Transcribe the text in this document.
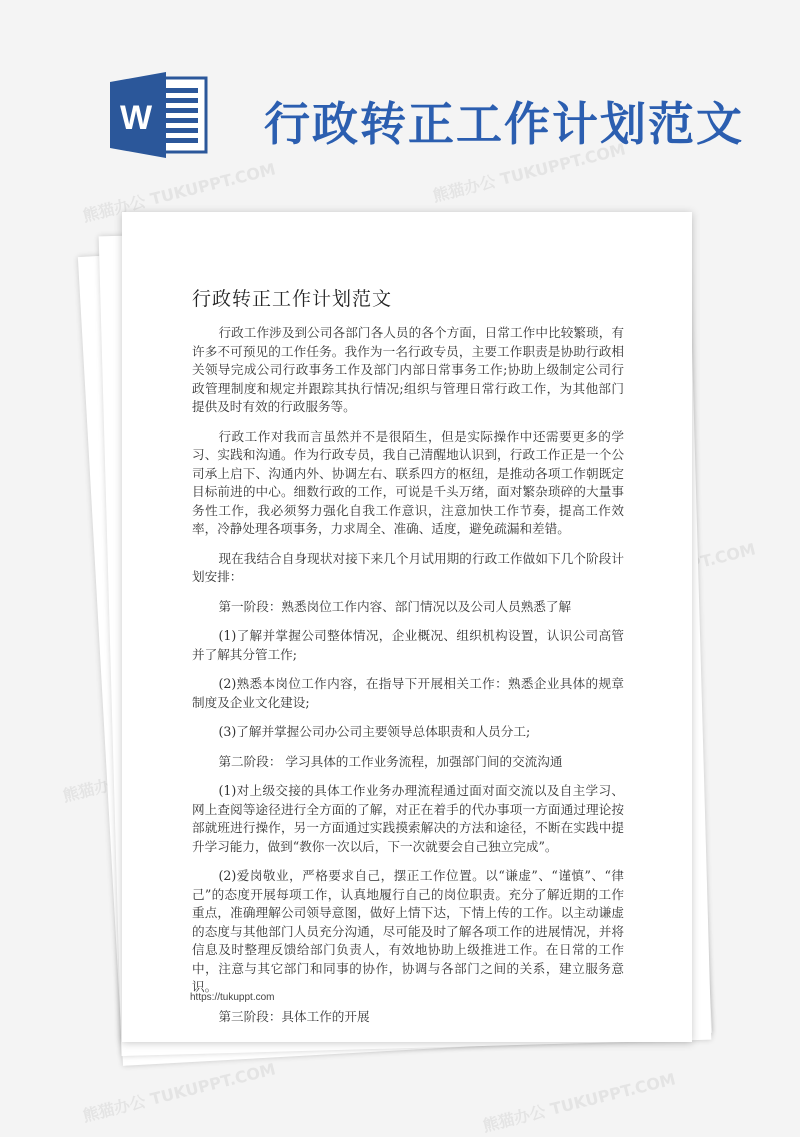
W 行政转正工作计划范文
熊猫办公 TUKUPPT.COM	熊猫办公 TUKUPPT.COM
熊猫办公
熊猫办公 TUKUPPT.COM	熊猫办公 TUKUPPT.COM
行政转正工作计划范文

行政工作涉及到公司各部门各人员的各个方面，日常工作中比较繁琐，有许多不可预见的工作任务。我作为一名行政专员，主要工作职责是协助行政相关领导完成公司行政事务工作及部门内部日常事务工作;协助上级制定公司行政管理制度和规定并跟踪其执行情况;组织与管理日常行政工作，为其他部门提供及时有效的行政服务等。

行政工作对我而言虽然并不是很陌生，但是实际操作中还需要更多的学习、实践和沟通。作为行政专员，我自己清醒地认识到，行政工作正是一个公司承上启下、沟通内外、协调左右、联系四方的枢纽，是推动各项工作朝既定目标前进的中心。细数行政的工作，可说是千头万绪，面对繁杂琐碎的大量事务性工作，我必须努力强化自我工作意识，注意加快工作节奏，提高工作效率，冷静处理各项事务，力求周全、准确、适度，避免疏漏和差错。

现在我结合自身现状对接下来几个月试用期的行政工作做如下几个阶段计划安排：

第一阶段：熟悉岗位工作内容、部门情况以及公司人员熟悉了解

(1)了解并掌握公司整体情况，企业概况、组织机构设置，认识公司高管并了解其分管工作;

(2)熟悉本岗位工作内容，在指导下开展相关工作：熟悉企业具体的规章制度及企业文化建设;

(3)了解并掌握公司办公司主要领导总体职责和人员分工;

第二阶段： 学习具体的工作业务流程，加强部门间的交流沟通

(1)对上级交接的具体工作业务办理流程通过面对面交流以及自主学习、网上查阅等途径进行全方面的了解，对正在着手的代办事项一方面通过理论按部就班进行操作，另一方面通过实践摸索解决的方法和途径，不断在实践中提升学习能力，做到“教你一次以后，下一次就要会自己独立完成”。

(2)爱岗敬业，严格要求自己，摆正工作位置。以“谦虚”、“谨慎”、“律己”的态度开展每项工作，认真地履行自己的岗位职责。充分了解近期的工作重点，准确理解公司领导意图，做好上情下达，下情上传的工作。以主动谦虚的态度与其他部门人员充分沟通，尽可能及时了解各项工作的进展情况，并将信息及时整理反馈给部门负责人，有效地协助上级推进工作。在日常的工作中，注意与其它部门和同事的协作，协调与各部门之间的关系，建立服务意识。

第三阶段：具体工作的开展

https://tukuppt.com
